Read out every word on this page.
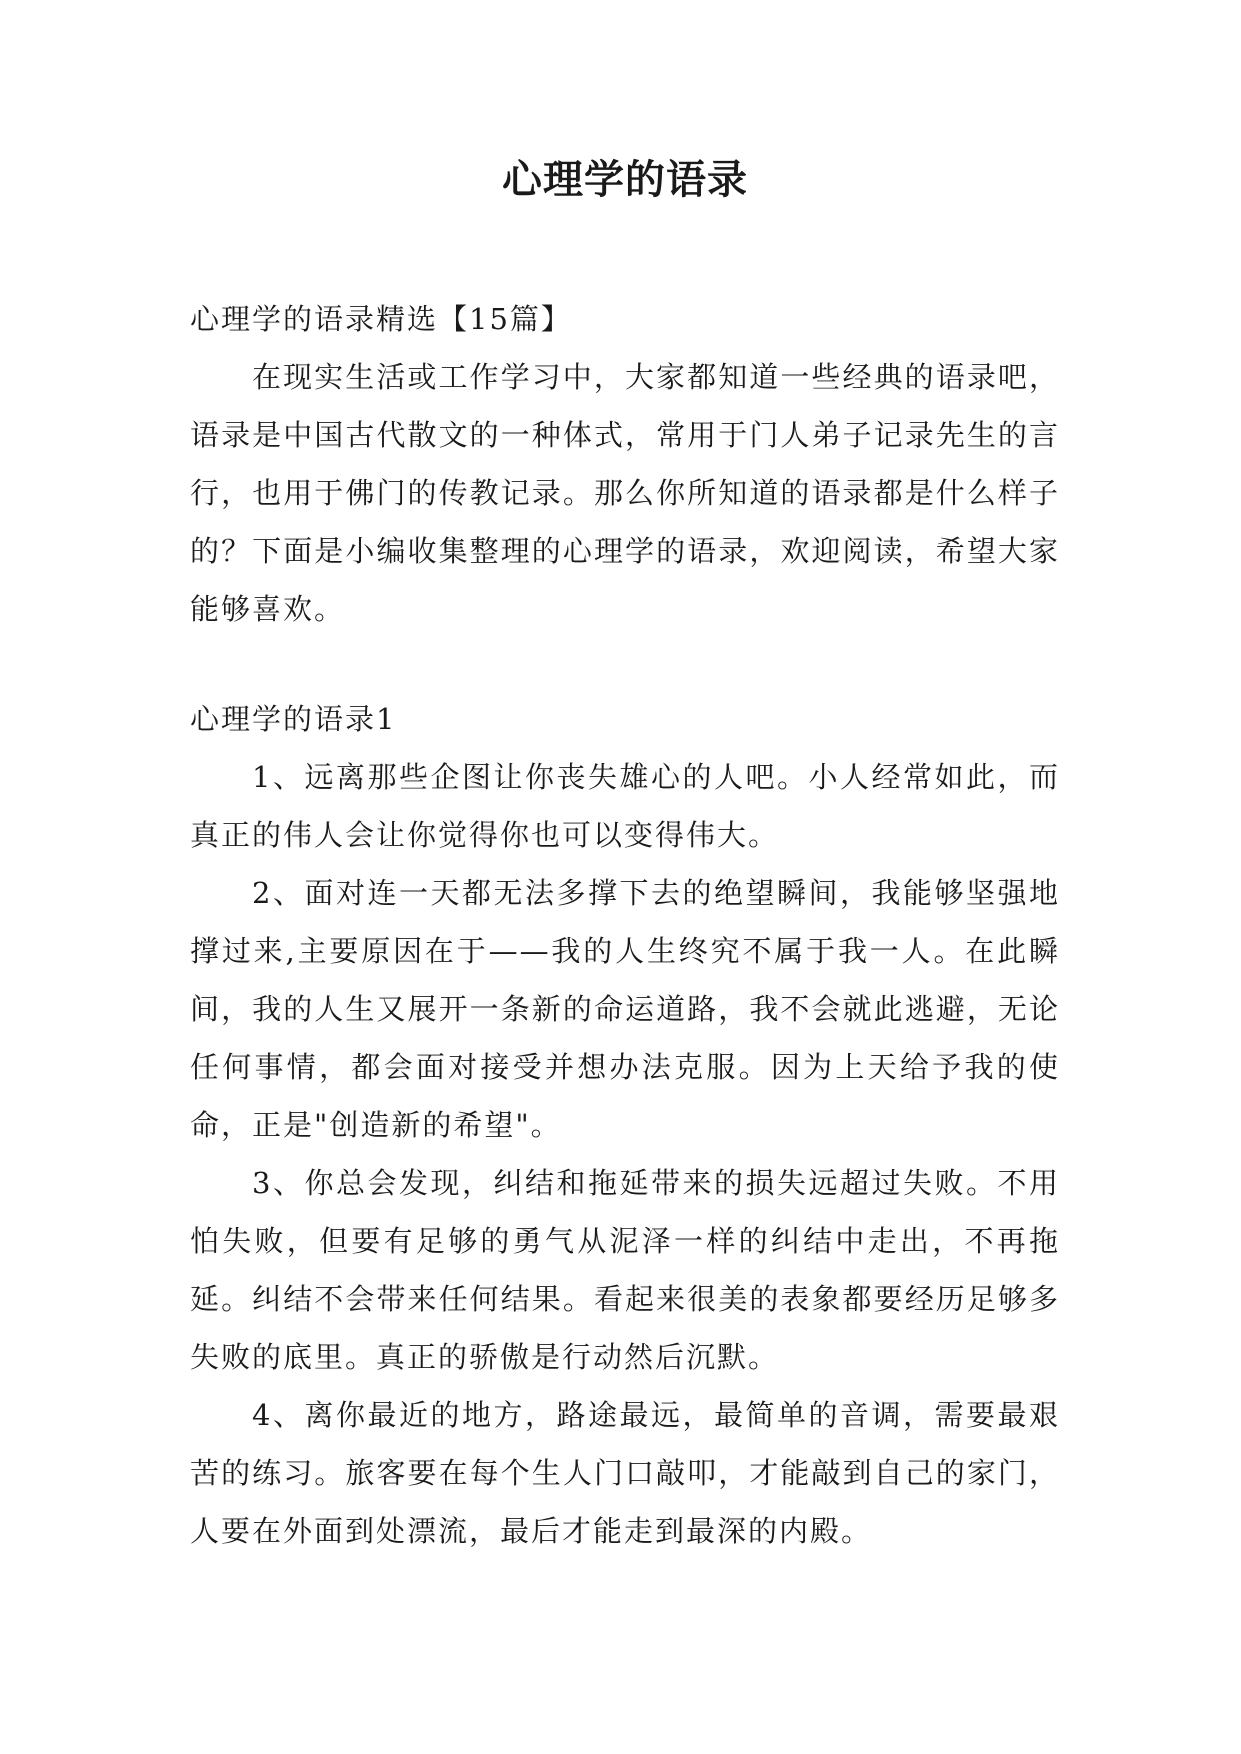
心理学的语录

心理学的语录精选【15篇】

在现实生活或工作学习中，大家都知道一些经典的语录吧，语录是中国古代散文的一种体式，常用于门人弟子记录先生的言行，也用于佛门的传教记录。那么你所知道的语录都是什么样子的？下面是小编收集整理的心理学的语录，欢迎阅读，希望大家能够喜欢。

心理学的语录1

1、远离那些企图让你丧失雄心的人吧。小人经常如此，而真正的伟人会让你觉得你也可以变得伟大。

2、面对连一天都无法多撑下去的绝望瞬间，我能够坚强地撑过来,主要原因在于——我的人生终究不属于我一人。在此瞬间，我的人生又展开一条新的命运道路，我不会就此逃避，无论任何事情，都会面对接受并想办法克服。因为上天给予我的使命，正是"创造新的希望"。

3、你总会发现，纠结和拖延带来的损失远超过失败。不用怕失败，但要有足够的勇气从泥泽一样的纠结中走出，不再拖延。纠结不会带来任何结果。看起来很美的表象都要经历足够多失败的底里。真正的骄傲是行动然后沉默。

4、离你最近的地方，路途最远，最简单的音调，需要最艰苦的练习。旅客要在每个生人门口敲叩，才能敲到自己的家门，人要在外面到处漂流，最后才能走到最深的内殿。
